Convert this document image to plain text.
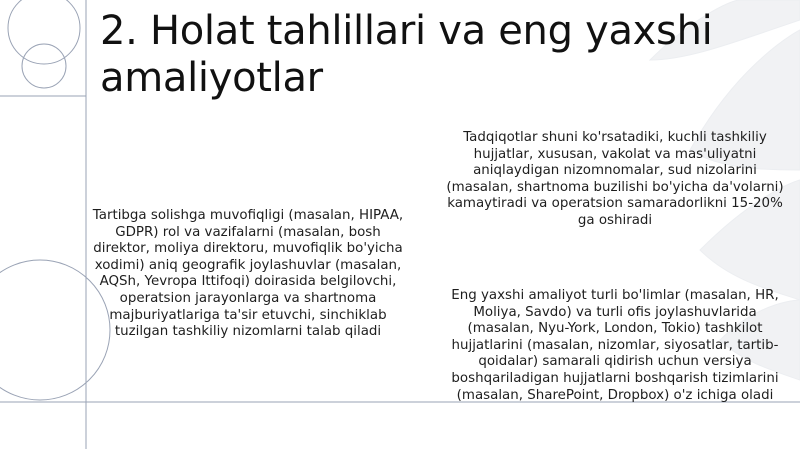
2. Holat tahlillari va eng yaxshi
amaliyotlar

Tartibga solishga muvofiqligi (masalan, HIPAA, GDPR) rol va vazifalarni (masalan, bosh direktor, moliya direktoru, muvofiqlik bo'yicha xodimi) aniq geografik joylashuvlar (masalan, AQSh, Yevropa Ittifoqi) doirasida belgilovchi, operatsion jarayonlarga va shartnoma majburiyatlariga ta'sir etuvchi, sinchiklab tuzilgan tashkiliy nizomlarni talab qiladi

Tadqiqotlar shuni ko'rsatadiki, kuchli tashkiliy hujjatlar, xususan, vakolat va mas'uliyatni aniqlaydigan nizomnomalar, sud nizolarini (masalan, shartnoma buzilishi bo'yicha da'volarni) kamaytiradi va operatsion samaradorlikni 15-20% ga oshiradi

Eng yaxshi amaliyot turli bo'limlar (masalan, HR, Moliya, Savdo) va turli ofis joylashuvlarida (masalan, Nyu-York, London, Tokio) tashkilot hujjatlarini (masalan, nizomlar, siyosatlar, tartib-qoidalar) samarali qidirish uchun versiya boshqariladigan hujjatlarni boshqarish tizimlarini (masalan, SharePoint, Dropbox) o'z ichiga oladi
